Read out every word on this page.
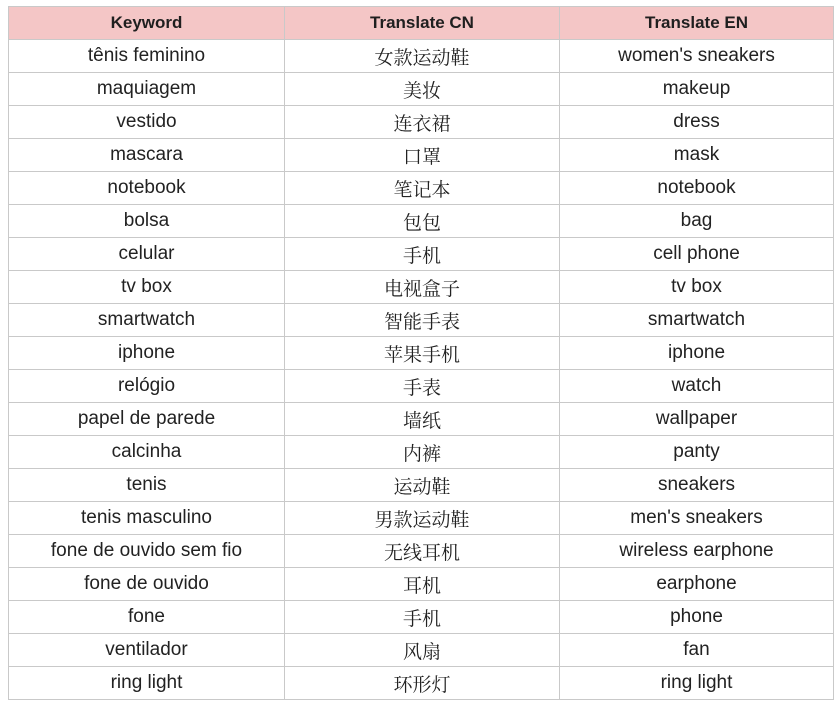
Keyword	Translate CN	Translate EN
tênis feminino	女款运动鞋	women's sneakers
maquiagem	美妆	makeup
vestido	连衣裙	dress
mascara	口罩	mask
notebook	笔记本	notebook
bolsa	包包	bag
celular	手机	cell phone
tv box	电视盒子	tv box
smartwatch	智能手表	smartwatch
iphone	苹果手机	iphone
relógio	手表	watch
papel de parede	墙纸	wallpaper
calcinha	内裤	panty
tenis	运动鞋	sneakers
tenis masculino	男款运动鞋	men's sneakers
fone de ouvido sem fio	无线耳机	wireless earphone
fone de ouvido	耳机	earphone
fone	手机	phone
ventilador	风扇	fan
ring light	环形灯	ring light
